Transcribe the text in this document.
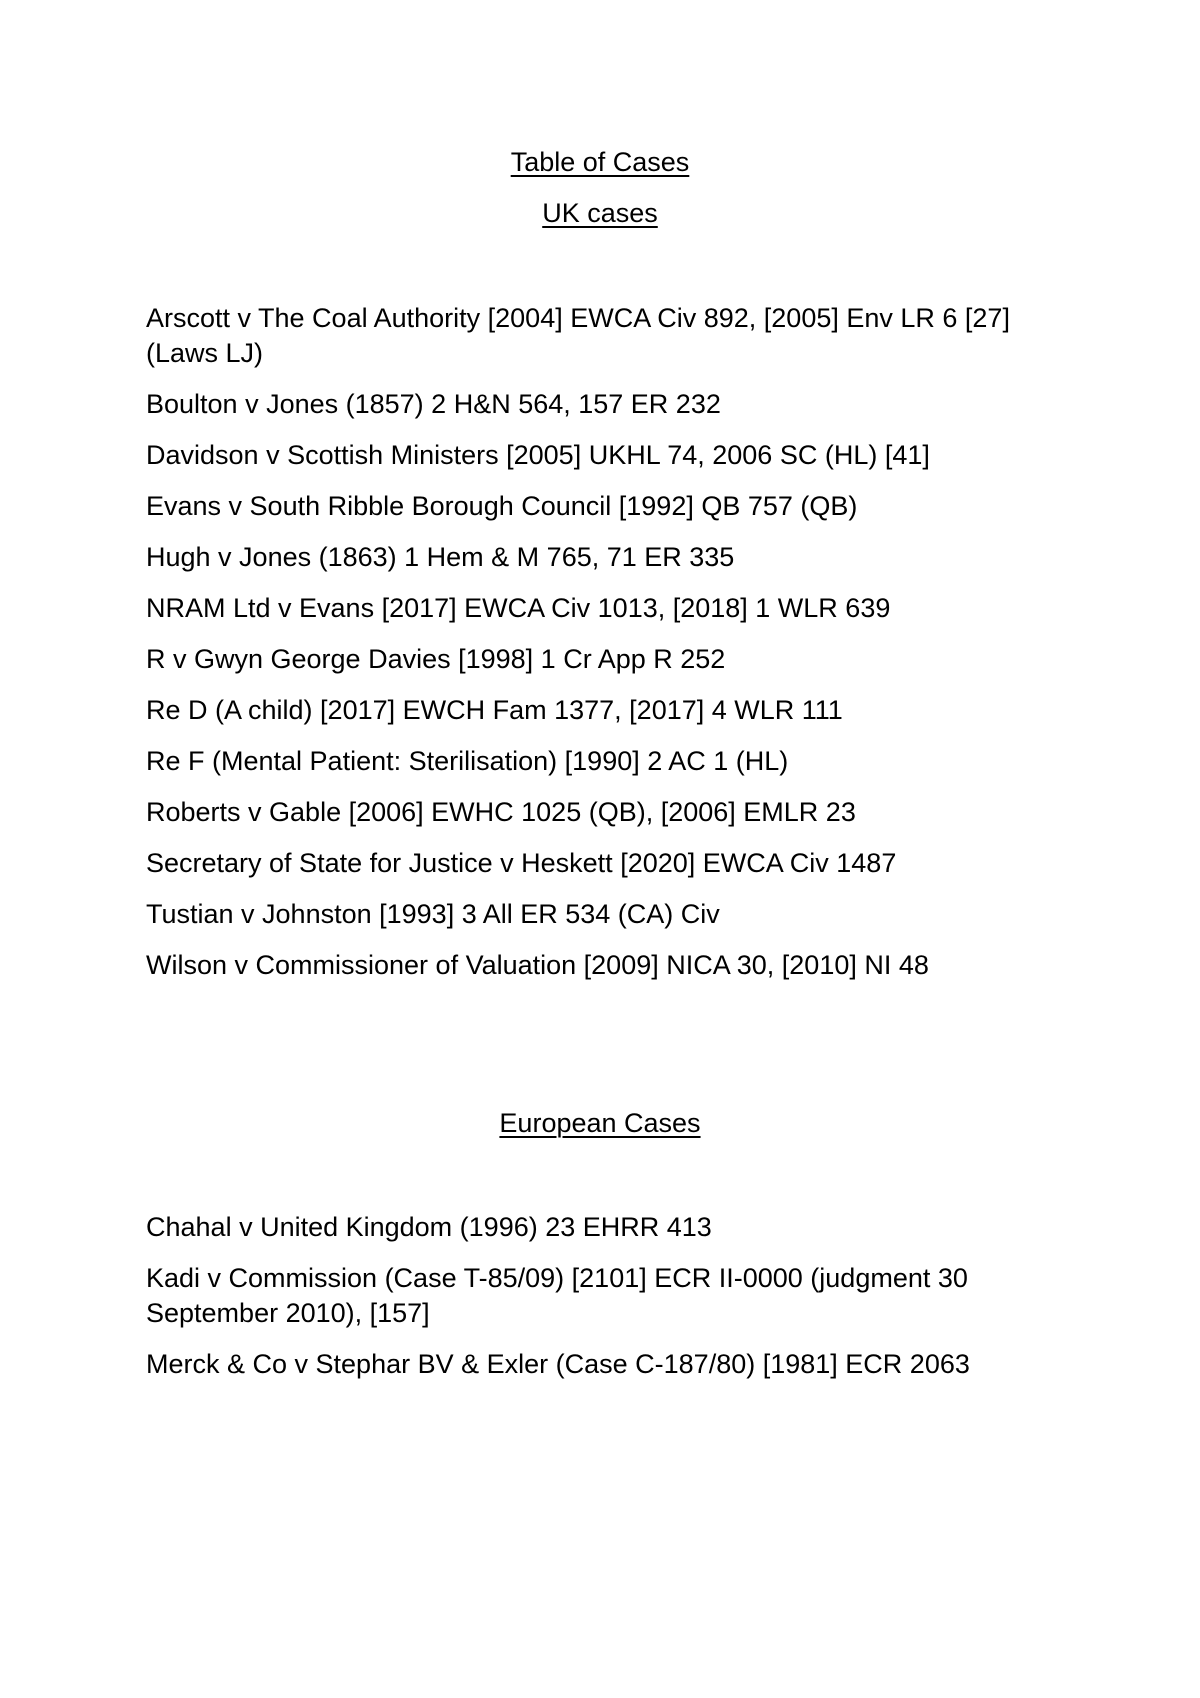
Table of Cases
UK cases
Arscott v The Coal Authority [2004] EWCA Civ 892, [2005] Env LR 6 [27] (Laws LJ)
Boulton v Jones (1857) 2 H&N 564, 157 ER 232
Davidson v Scottish Ministers [2005] UKHL 74, 2006 SC (HL) [41]
Evans v South Ribble Borough Council [1992] QB 757 (QB)
Hugh v Jones (1863) 1 Hem & M 765, 71 ER 335
NRAM Ltd v Evans [2017] EWCA Civ 1013, [2018] 1 WLR 639
R v Gwyn George Davies [1998] 1 Cr App R 252
Re D (A child) [2017] EWCH Fam 1377, [2017] 4 WLR 111
Re F (Mental Patient: Sterilisation) [1990] 2 AC 1 (HL)
Roberts v Gable [2006] EWHC 1025 (QB), [2006] EMLR 23
Secretary of State for Justice v Heskett [2020] EWCA Civ 1487
Tustian v Johnston [1993] 3 All ER 534 (CA) Civ
Wilson v Commissioner of Valuation [2009] NICA 30, [2010] NI 48
European Cases
Chahal v United Kingdom (1996) 23 EHRR 413
Kadi v Commission (Case T-85/09) [2101] ECR II-0000 (judgment 30 September 2010), [157]
Merck & Co v Stephar BV & Exler (Case C-187/80) [1981] ECR 2063
